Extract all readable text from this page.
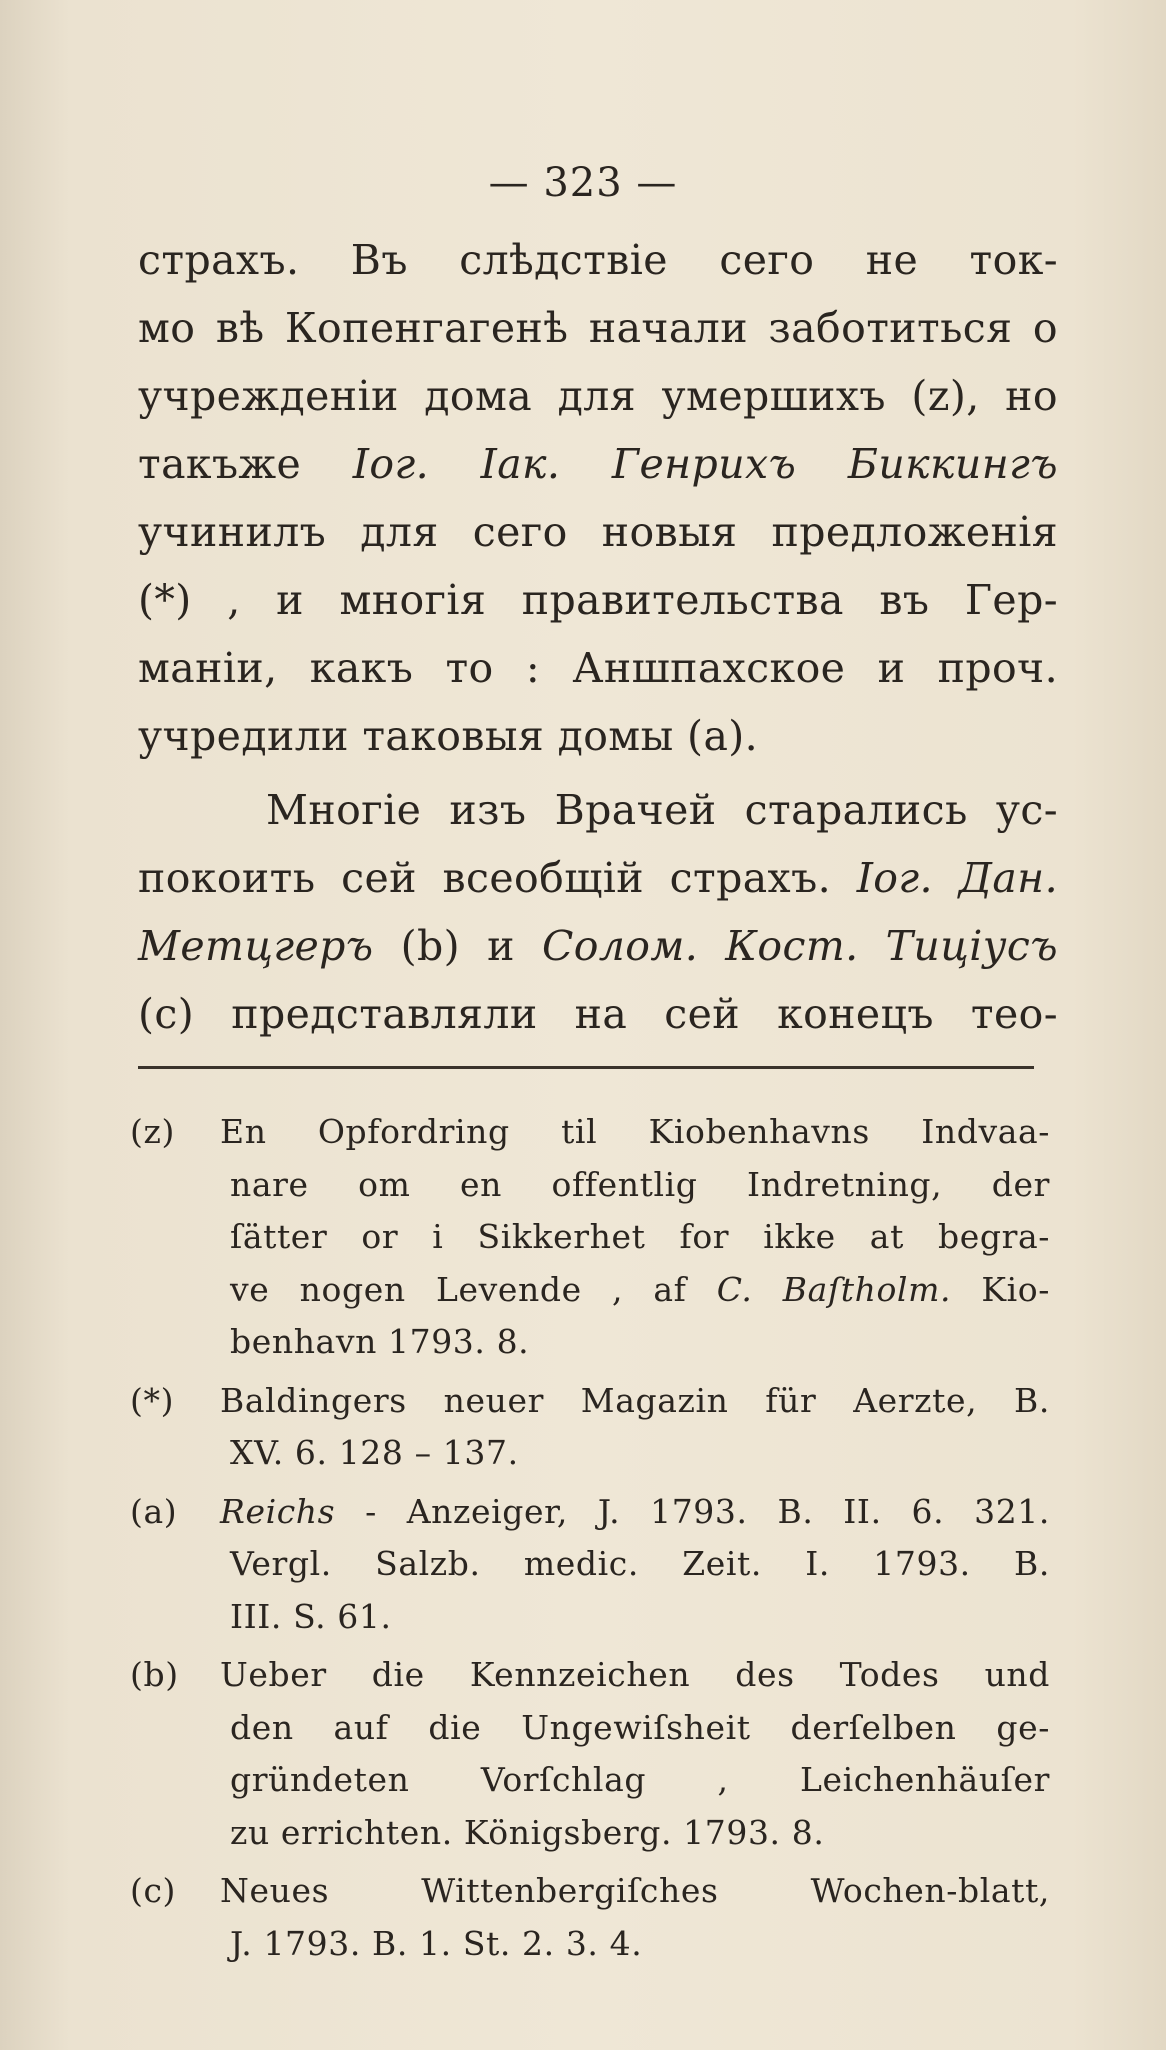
— 323 —
страхъ. Въ слѣдствіе сего не ток-
мо вѣ Копенгагенѣ начали заботиться о
учрежденіи дома для умершихъ (z), но
такъже Іог. Іак. Генрихъ Биккингъ
учинилъ для сего новыя предложенія
(*) , и многія правительства въ Гер-
маніи, какъ то : Аншпахское и проч.
учредили таковыя домы (а).
Многіе изъ Врачей старались ус-
покоить сей всеобщій страхъ. Іог. Дан.
Метцгеръ (b) и Солом. Кост. Тиціусъ
(с) представляли на сей конецъ тео-
(z) En Opfordring til Kiobenhavns Indvaa-
nare om en offentlig Indretning, der
ſätter or i Sikkerhet for ikke at begra-
ve nogen Levende , af C. Baſtholm. Kio-
benhavn 1793. 8.
(*) Baldingers neuer Magazin für Aerzte, B.
XV. 6. 128 – 137.
(a) Reichs - Anzeiger, J. 1793. B. II. 6. 321.
Vergl. Salzb. medic. Zeit. I. 1793. B.
III. S. 61.
(b) Ueber die Kennzeichen des Todes und
den auf die Ungewiſsheit derſelben ge-
gründeten Vorſchlag , Leichenhäuſer
zu errichten. Königsberg. 1793. 8.
(c) Neues Wittenbergiſches Wochen-blatt,
J. 1793. B. 1. St. 2. 3. 4.
